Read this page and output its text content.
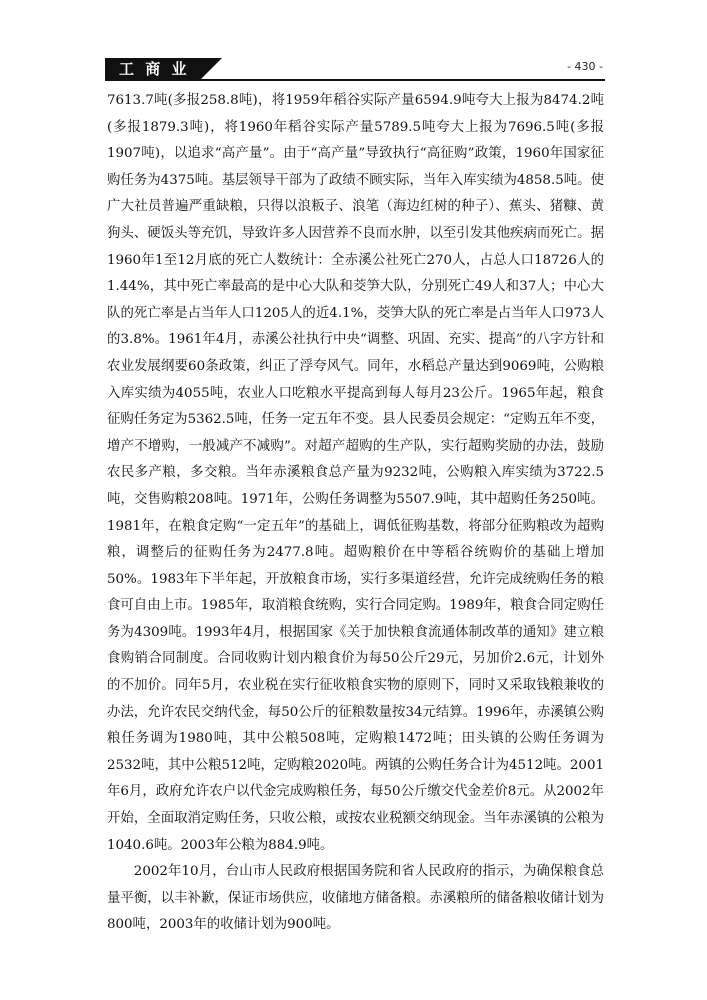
工 商 业	- 430 -

7613.7吨(多报258.8吨)，将1959年稻谷实际产量6594.9吨夸大上报为8474.2吨(多报1879.3吨)，将1960年稻谷实际产量5789.5吨夸大上报为7696.5吨(多报1907吨)，以追求“高产量”。由于“高产量”导致执行“高征购”政策，1960年国家征购任务为4375吨。基层领导干部为了政绩不顾实际，当年入库实绩为4858.5吨。使广大社员普遍严重缺粮，只得以浪粄子、浪笔（海边红树的种子）、蕉头、猪糠、黄狗头、硬饭头等充饥，导致许多人因营养不良而水肿，以至引发其他疾病而死亡。据1960年1至12月底的死亡人数统计：全赤溪公社死亡270人，占总人口18726人的1.44%，其中死亡率最高的是中心大队和茭笋大队，分别死亡49人和37人；中心大队的死亡率是占当年人口1205人的近4.1%，茭笋大队的死亡率是占当年人口973人的3.8%。1961年4月，赤溪公社执行中央“调整、巩固、充实、提高”的八字方针和农业发展纲要60条政策，纠正了浮夸风气。同年，水稻总产量达到9069吨，公购粮入库实绩为4055吨，农业人口吃粮水平提高到每人每月23公斤。1965年起，粮食征购任务定为5362.5吨，任务一定五年不变。县人民委员会规定：“定购五年不变，增产不增购，一般减产不减购”。对超产超购的生产队，实行超购奖励的办法，鼓励农民多产粮，多交粮。当年赤溪粮食总产量为9232吨，公购粮入库实绩为3722.5吨，交售购粮208吨。1971年，公购任务调整为5507.9吨，其中超购任务250吨。1981年，在粮食定购“一定五年”的基础上，调低征购基数，将部分征购粮改为超购粮，调整后的征购任务为2477.8吨。超购粮价在中等稻谷统购价的基础上增加50%。1983年下半年起，开放粮食市场，实行多渠道经营，允许完成统购任务的粮食可自由上市。1985年，取消粮食统购，实行合同定购。1989年，粮食合同定购任务为4309吨。1993年4月，根据国家《关于加快粮食流通体制改革的通知》建立粮食购销合同制度。合同收购计划内粮食价为每50公斤29元，另加价2.6元，计划外的不加价。同年5月，农业税在实行征收粮食实物的原则下，同时又采取钱粮兼收的办法，允许农民交纳代金，每50公斤的征粮数量按34元结算。1996年，赤溪镇公购粮任务调为1980吨，其中公粮508吨，定购粮1472吨；田头镇的公购任务调为2532吨，其中公粮512吨，定购粮2020吨。两镇的公购任务合计为4512吨。2001年6月，政府允许农户以代金完成购粮任务，每50公斤缴交代金差价8元。从2002年开始，全面取消定购任务，只收公粮，或按农业税额交纳现金。当年赤溪镇的公粮为1040.6吨。2003年公粮为884.9吨。

2002年10月，台山市人民政府根据国务院和省人民政府的指示，为确保粮食总量平衡，以丰补歉，保证市场供应，收储地方储备粮。赤溪粮所的储备粮收储计划为800吨，2003年的收储计划为900吨。
